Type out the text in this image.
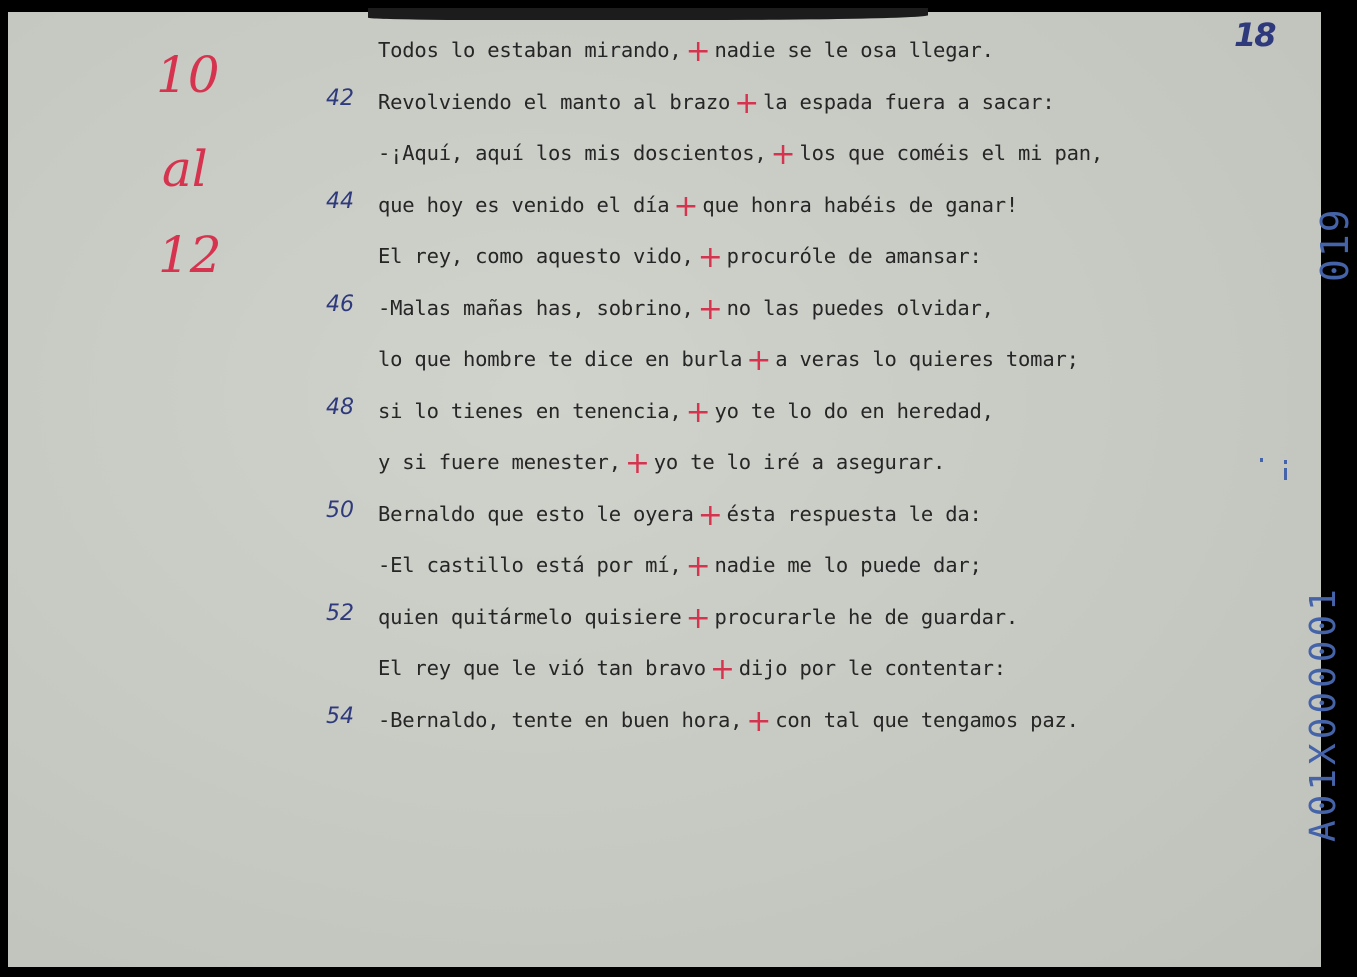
18
10
al
12
Todos lo estaban mirando, + nadie se le osa llegar.
42 Revolviendo el manto al brazo + la espada fuera a sacar:
-¡Aquí, aquí los mis doscientos, + los que coméis el mi pan,
44 que hoy es venido el día + que honra habéis de ganar!
El rey, como aquesto vido, + procuróle de amansar:
46 -Malas mañas has, sobrino, + no las puedes olvidar,
lo que hombre te dice en burla + a veras lo quieres tomar;
48 si lo tienes en tenencia, + yo te lo do en heredad,
y si fuere menester, + yo te lo iré a asegurar.
50 Bernaldo que esto le oyera + ésta respuesta le da:
-El castillo está por mí, + nadie me lo puede dar;
52 quien quitármelo quisiere + procurarle he de guardar.
El rey que le vió tan bravo + dijo por le contentar:
54 -Bernaldo, tente en buen hora, + con tal que tengamos paz.
019
A01X000001
